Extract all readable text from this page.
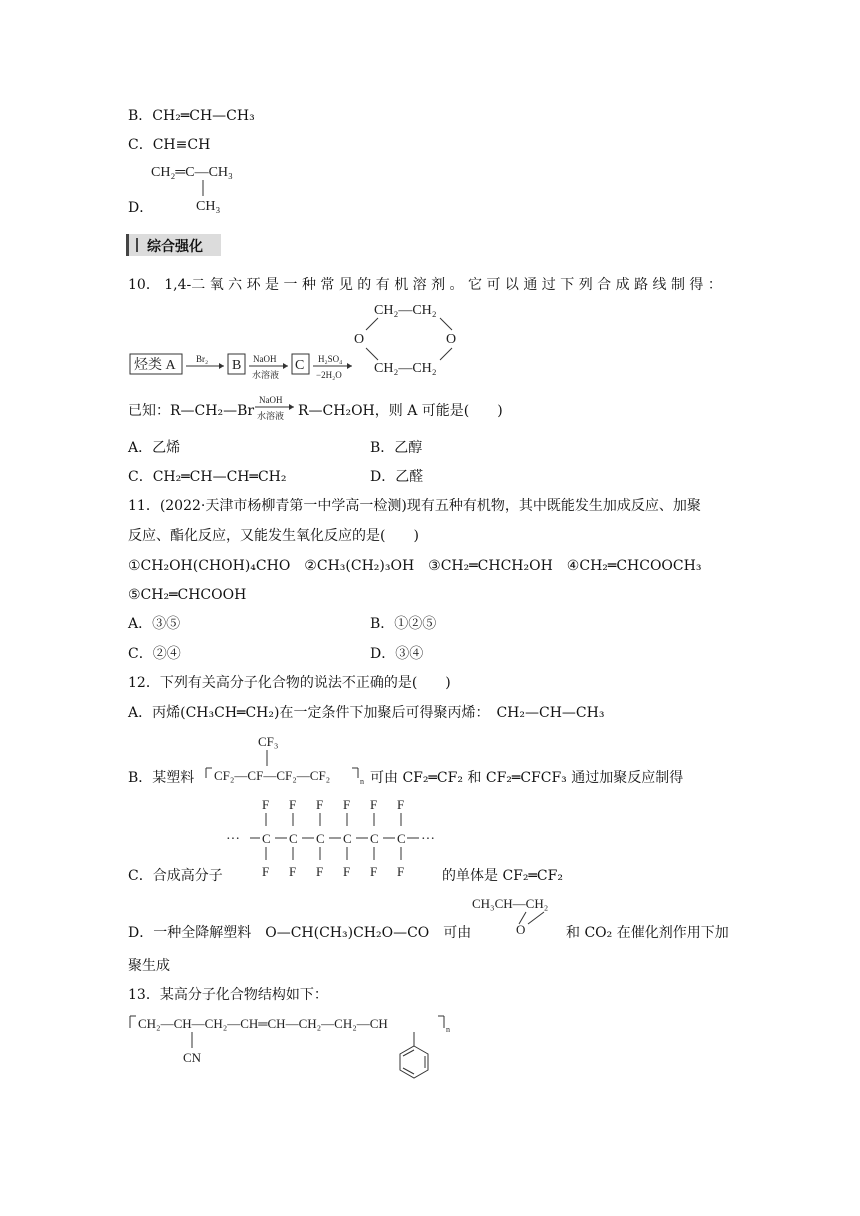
B．CH₂═CH—CH₃
C．CH≡CH
D．
CH₂═C—CH₃
CH₃
综合强化
10． 1,4-二 氧 六 环 是 一 种 常 见 的 有 机 溶 剂 。 它 可 以 通 过 下 列 合 成 路 线 制 得 ：
CH₂—CH₂
O	O
CH₂—CH₂
烃类 A Br₂ B NaOH
水溶液
C H₂SO₄
−2H₂O
已知：R—CH₂—Br
NaOH
水溶液 R—CH₂OH，则 A 可能是(　　)
A．乙烯	B．乙醇
C．CH₂═CH—CH═CH₂	D．乙醛
11．(2022·天津市杨柳青第一中学高一检测)现有五种有机物，其中既能发生加成反应、加聚
反应、酯化反应，又能发生氧化反应的是(　　)
①CH₂OH(CHOH)₄CHO　②CH₃(CH₂)₃OH　③CH₂═CHCH₂OH　④CH₂═CHCOOCH₃
⑤CH₂═CHCOOH
A．③⑤	B．①②⑤
C．②④	D．③④
12．下列有关高分子化合物的说法不正确的是(　　)
A．丙烯(CH₃CH═CH₂)在一定条件下加聚后可得聚丙烯：　CH₂—CH—CH₃
B．某塑料 CF₂—CF—CF₂—CF₂	n
CF₃
可由 CF₂═CF₂ 和 CF₂═CFCF₃ 通过加聚反应制得
C．合成高分子
···
F
C
F
F
C
F
F
C
F
F
C
F
F
C
F
F
C
F
···
的单体是 CF₂═CF₂
D．一种全降解塑料　O—CH(CH₃)CH₂O—CO　可由
CH₃CH—CH₂
O	和 CO₂ 在催化剂作用下加
聚生成
13．某高分子化合物结构如下：
CH₂—CH—CH₂—CH═CH—CH₂—CH₂—CH	n
CN
